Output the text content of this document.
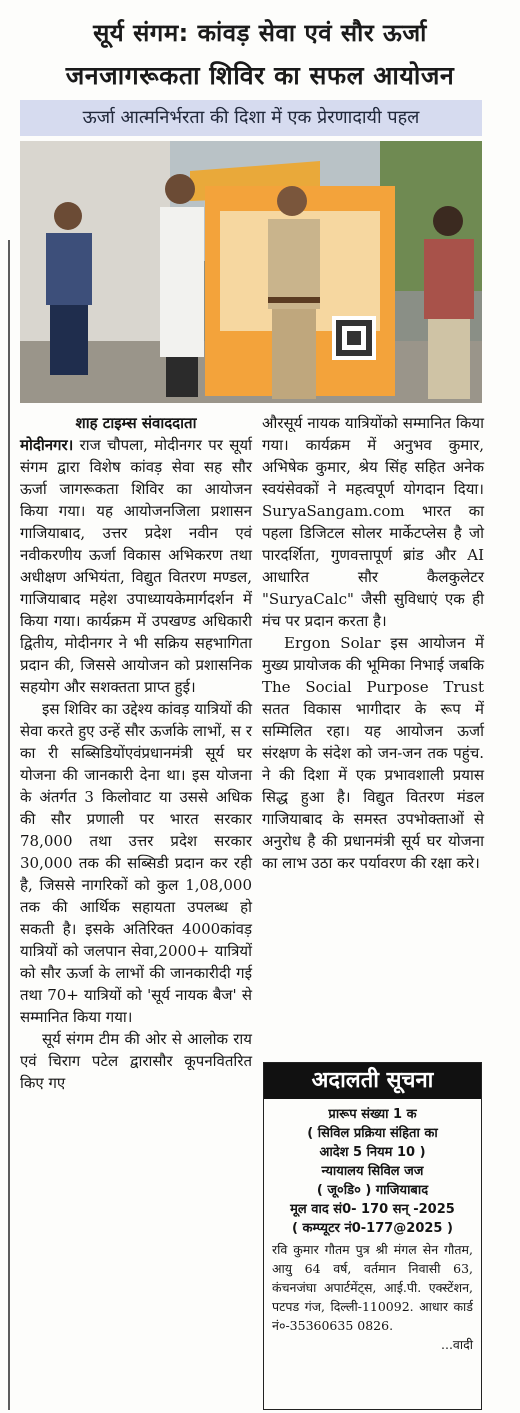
सूर्य संगम: कांवड़ सेवा एवं सौर ऊर्जा
जनजागरूकता शिविर का सफल आयोजन
ऊर्जा आत्मनिर्भरता की दिशा में एक प्रेरणादायी पहल
शाह टाइम्स संवाददाता

मोदीनगर। राज चौपला, मोदीनगर पर सूर्या संगम द्वारा विशेष कांवड़ सेवा सह सौर ऊर्जा जागरूकता शिविर का आयोजन किया गया। यह आयोजनजिला प्रशासन गाजियाबाद, उत्तर प्रदेश नवीन एवं नवीकरणीय ऊर्जा विकास अभिकरण तथा अधीक्षण अभियंता, विद्युत वितरण मण्डल, गाजियाबाद महेश उपाध्यायकेमार्गदर्शन में किया गया। कार्यक्रम में उपखण्ड अधिकारी द्वितीय, मोदीनगर ने भी सक्रिय सहभागिता प्रदान की, जिससे आयोजन को प्रशासनिक सहयोग और सशक्तता प्राप्त हुई।

इस शिविर का उद्देश्य कांवड़ यात्रियों की सेवा करते हुए उन्हें सौर ऊर्जाके लाभों, स र का री सब्सिडियोंएवंप्रधानमंत्री सूर्य घर योजना की जानकारी देना था। इस योजना के अंतर्गत 3 किलोवाट या उससे अधिक की सौर प्रणाली पर भारत सरकार 78,000 तथा उत्तर प्रदेश सरकार 30,000 तक की सब्सिडी प्रदान कर रही है, जिससे नागरिकों को कुल 1,08,000 तक की आर्थिक सहायता उपलब्ध हो सकती है। इसके अतिरिक्त 4000कांवड़ यात्रियों को जलपान सेवा,2000+ यात्रियों को सौर ऊर्जा के लाभों की जानकारीदी गई तथा 70+ यात्रियों को 'सूर्य नायक बैज' से सम्मानित किया गया।

सूर्य संगम टीम की ओर से आलोक राय एवं चिराग पटेल द्वारासौर कूपनवितरित किए गए

औरसूर्य नायक यात्रियोंको सम्मानित किया गया। कार्यक्रम में अनुभव कुमार, अभिषेक कुमार, श्रेय सिंह सहित अनेक स्वयंसेवकों ने महत्वपूर्ण योगदान दिया। SuryaSangam.com भारत का पहला डिजिटल सोलर मार्केटप्लेस है जो पारदर्शिता, गुणवत्तापूर्ण ब्रांड और AI आधारित सौर कैलकुलेटर "SuryaCalc" जैसी सुविधाएं एक ही मंच पर प्रदान करता है।

Ergon Solar इस आयोजन में मुख्य प्रायोजक की भूमिका निभाई जबकि The Social Purpose Trust सतत विकास भागीदार के रूप में सम्मिलित रहा। यह आयोजन ऊर्जा संरक्षण के संदेश को जन-जन तक पहुंच. ने की दिशा में एक प्रभावशाली प्रयास सिद्ध हुआ है। विद्युत वितरण मंडल गाजियाबाद के समस्त उपभोक्ताओं से अनुरोध है की प्रधानमंत्री सूर्य घर योजना का लाभ उठा कर पर्यावरण की रक्षा करे।

अदालती सूचना
प्रारूप संख्या 1 क
( सिविल प्रक्रिया संहिता का
आदेश 5 नियम 10 )
न्यायालय सिविल जज
( जू०डि० ) गाजियाबाद
मूल वाद सं0- 170 सन् -2025
( कम्प्यूटर नं0-177@2025 )
रवि कुमार गौतम पुत्र श्री मंगल सेन गौतम, आयु 64 वर्ष, वर्तमान निवासी 63, कंचनजंघा अपार्टमेंट्स, आई.पी. एक्स्टेंशन, पटपड गंज, दिल्ली-110092. आधार कार्ड नं०-35360635 0826.
...वादी
